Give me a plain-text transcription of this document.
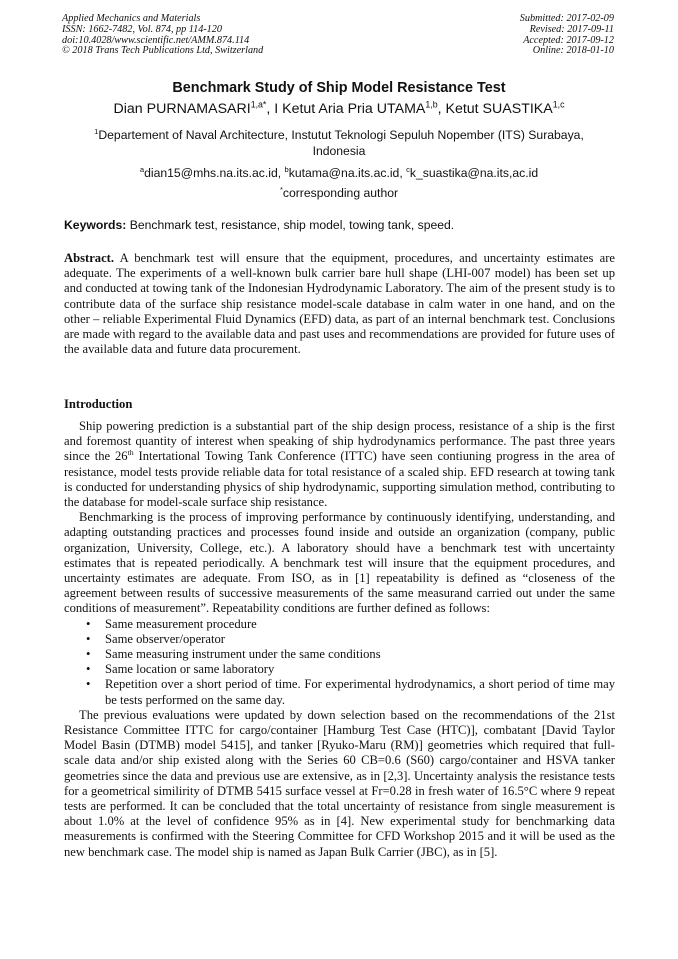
Applied Mechanics and Materials
ISSN: 1662-7482, Vol. 874, pp 114-120
doi:10.4028/www.scientific.net/AMM.874.114
© 2018 Trans Tech Publications Ltd, Switzerland
Submitted: 2017-02-09
Revised: 2017-09-11
Accepted: 2017-09-12
Online: 2018-01-10
Benchmark Study of Ship Model Resistance Test
Dian $PURNAMASARI^{1,a*}$, I Ketut Aria Pria UTAMA$^{1,b}$, Ketut SUASTIKA$^{1,c}$
$^1$Departement of Naval Architecture, Instutut Teknologi Sepuluh Nopember (ITS) Surabaya, Indonesia
$^a$dian15@mhs.na.its.ac.id, $^b$kutama@na.its.ac.id, $^c$k_suastika@na.its,ac.id
*corresponding author
Keywords: Benchmark test, resistance, ship model, towing tank, speed.
Abstract. A benchmark test will ensure that the equipment, procedures, and uncertainty estimates are adequate. The experiments of a well-known bulk carrier bare hull shape (LHI-007 model) has been set up and conducted at towing tank of the Indonesian Hydrodynamic Laboratory. The aim of the present study is to contribute data of the surface ship resistance model-scale database in calm water in one hand, and on the other – reliable Experimental Fluid Dynamics (EFD) data, as part of an internal benchmark test. Conclusions are made with regard to the available data and past uses and recommendations are provided for future uses of the available data and future data procurement.
Introduction

Ship powering prediction is a substantial part of the ship design process, resistance of a ship is the first and foremost quantity of interest when speaking of ship hydrodynamics performance. The past three years since the 26th Intertational Towing Tank Conference (ITTC) have seen contiuning progress in the area of resistance, model tests provide reliable data for total resistance of a scaled ship. EFD research at towing tank is conducted for understanding physics of ship hydrodynamic, supporting simulation method, contributing to the database for model-scale surface ship resistance.

Benchmarking is the process of improving performance by continuously identifying, understanding, and adapting outstanding practices and processes found inside and outside an organization (company, public organization, University, College, etc.). A laboratory should have a benchmark test with uncertainty estimates that is repeated periodically. A benchmark test will insure that the equipment procedures, and uncertainty estimates are adequate. From ISO, as in [1] repeatability is defined as “closeness of the agreement between results of successive measurements of the same measurand carried out under the same conditions of measurement”. Repeatability conditions are further defined as follows:

• Same measurement procedure
• Same observer/operator
• Same measuring instrument under the same conditions
• Same location or same laboratory
• Repetition over a short period of time. For experimental hydrodynamics, a short period of time may be tests performed on the same day.

The previous evaluations were updated by down selection based on the recommendations of the 21st Resistance Committee ITTC for cargo/container [Hamburg Test Case (HTC)], combatant [David Taylor Model Basin (DTMB) model 5415], and tanker [Ryuko-Maru (RM)] geometries which required that full-scale data and/or ship existed along with the Series 60 CB=0.6 (S60) cargo/container and HSVA tanker geometries since the data and previous use are extensive, as in [2,3]. Uncertainty analysis the resistance tests for a geometrical similirity of DTMB 5415 surface vessel at Fr=0.28 in fresh water of 16.5°C where 9 repeat tests are performed. It can be concluded that the total uncertainty of resistance from single measurement is about 1.0% at the level of confidence 95% as in [4]. New experimental study for benchmarking data measurements is confirmed with the Steering Committee for CFD Workshop 2015 and it will be used as the new benchmark case. The model ship is named as Japan Bulk Carrier (JBC), as in [5].
